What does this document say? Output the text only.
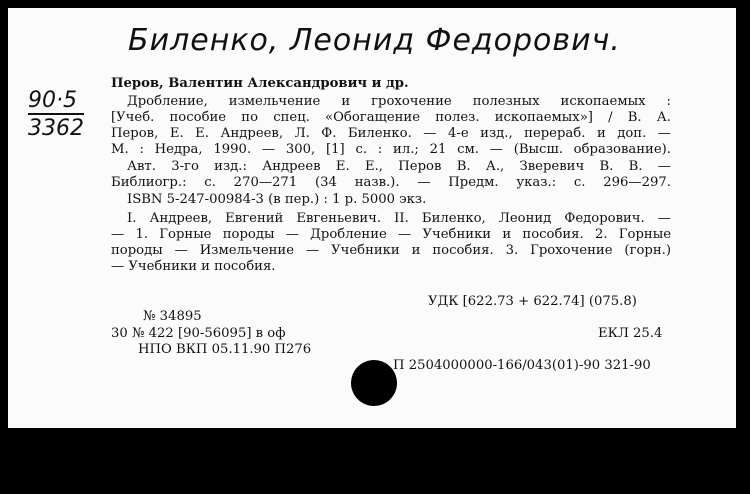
Биленко, Леонид Федорович.
90·5
3362
Перов, Валентин Александрович и др.
Дробление, измельчение и грохочение полезных ископаемых :
[Учеб. пособие по спец. «Обогащение полез. ископаемых»] / В. А.
Перов, Е. Е. Андреев, Л. Ф. Биленко. — 4-е изд., перераб. и доп. —
М. : Недра, 1990. — 300, [1] с. : ил.; 21 см. — (Высш. образование).
Авт. 3-го изд.: Андреев Е. Е., Перов В. А., Зверевич В. В. —
Библиогр.: с. 270—271 (34 назв.). — Предм. указ.: с. 296—297.
ISBN 5-247-00984-3 (в пер.) : 1 р. 5000 экз.
I. Андреев, Евгений Евгеньевич. II. Биленко, Леонид Федорович. —
— 1. Горные породы — Дробление — Учебники и пособия. 2. Горные
породы — Измельчение — Учебники и пособия. 3. Грохочение (горн.)
— Учебники и пособия.
УДК [622.73 + 622.74] (075.8)
№ 34895
30 № 422 [90-56095] в оф	ЕКЛ 25.4
НПО ВКП 05.11.90 П276
П 2504000000-166/043(01)-90 321-90
